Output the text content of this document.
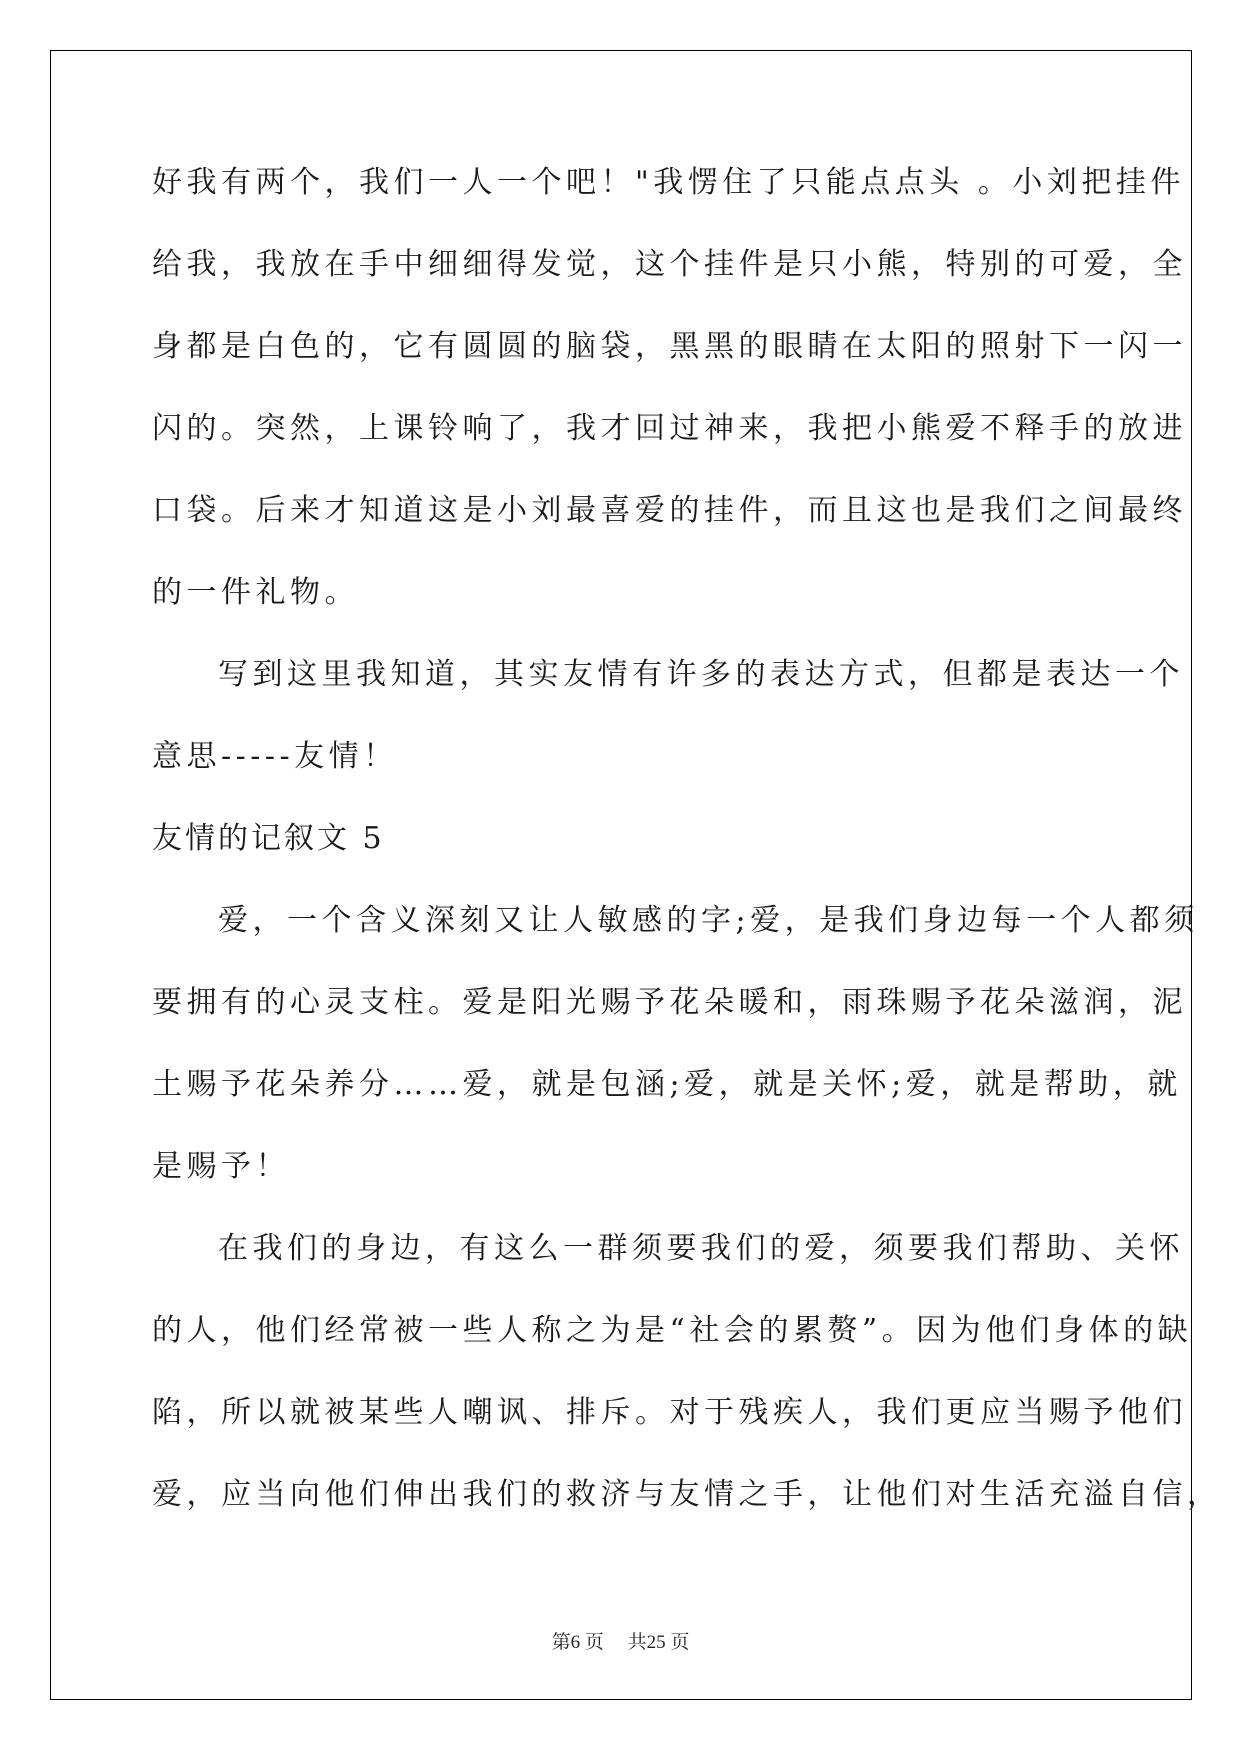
好我有两个，我们一人一个吧！"我愣住了只能点点头 。小刘把挂件
给我，我放在手中细细得发觉，这个挂件是只小熊，特别的可爱，全
身都是白色的，它有圆圆的脑袋，黑黑的眼睛在太阳的照射下一闪一
闪的。突然，上课铃响了，我才回过神来，我把小熊爱不释手的放进
口袋。后来才知道这是小刘最喜爱的挂件，而且这也是我们之间最终
的一件礼物。
写到这里我知道，其实友情有许多的表达方式，但都是表达一个
意思-----友情！
友情的记叙文 5
爱，一个含义深刻又让人敏感的字;爱，是我们身边每一个人都须
要拥有的心灵支柱。爱是阳光赐予花朵暖和，雨珠赐予花朵滋润，泥
土赐予花朵养分……爱，就是包涵;爱，就是关怀;爱，就是帮助，就
是赐予！
在我们的身边，有这么一群须要我们的爱，须要我们帮助、关怀
的人，他们经常被一些人称之为是“社会的累赘”。因为他们身体的缺
陷，所以就被某些人嘲讽、排斥。对于残疾人，我们更应当赐予他们
爱，应当向他们伸出我们的救济与友情之手，让他们对生活充溢自信，
第6 页 共25 页
